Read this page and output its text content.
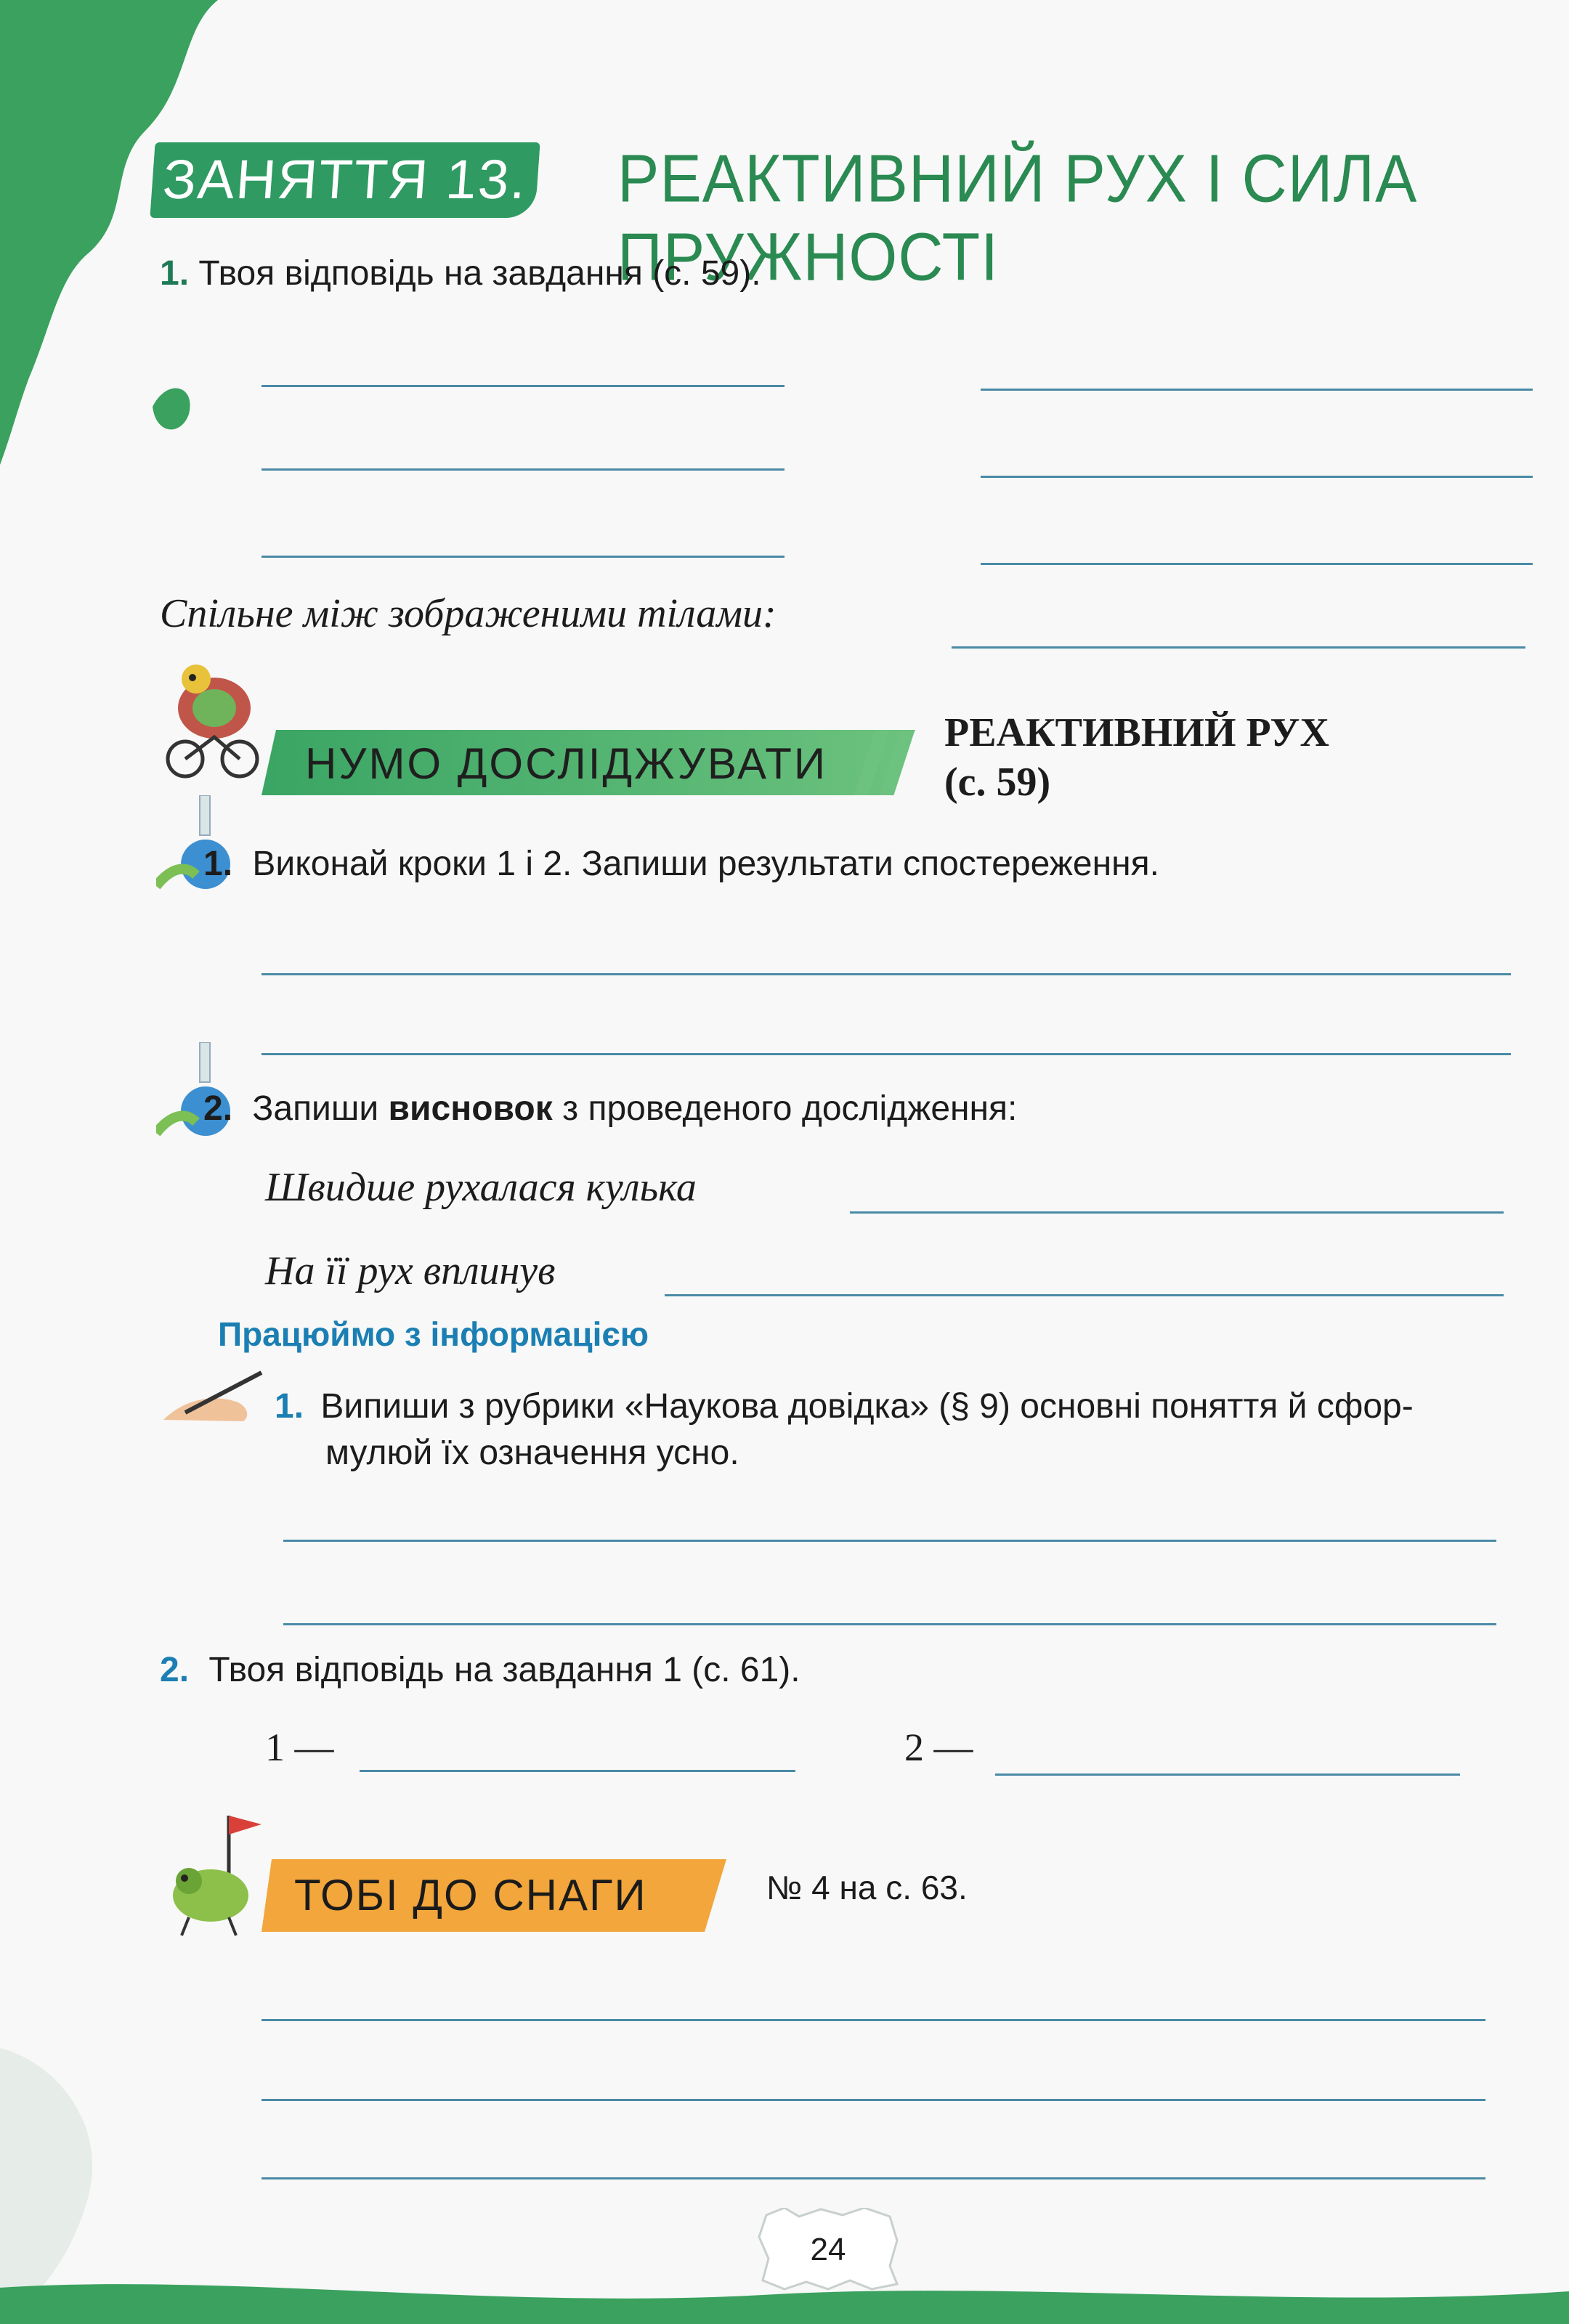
ЗАНЯТТЯ 13. РЕАКТИВНИЙ РУХ І СИЛА ПРУЖНОСТІ
1. Твоя відповідь на завдання (с. 59).
Спільне між зображеними тілами:
НУМО ДОСЛІДЖУВАТИ
РЕАКТИВНИЙ РУХ
(с. 59)
1. Виконай кроки 1 і 2. Запиши результати спостереження.
2. Запиши висновок з проведеного дослідження:
Швидше рухалася кулька
На її рух вплинув
Працюймо з інформацією
1. Випиши з рубрики «Наукова довідка» (§ 9) основні поняття й сфор-
мулюй їх означення усно.
2. Твоя відповідь на завдання 1 (с. 61).
1 —	2 —
ТОБІ ДО СНАГИ	№ 4 на с. 63.
24
